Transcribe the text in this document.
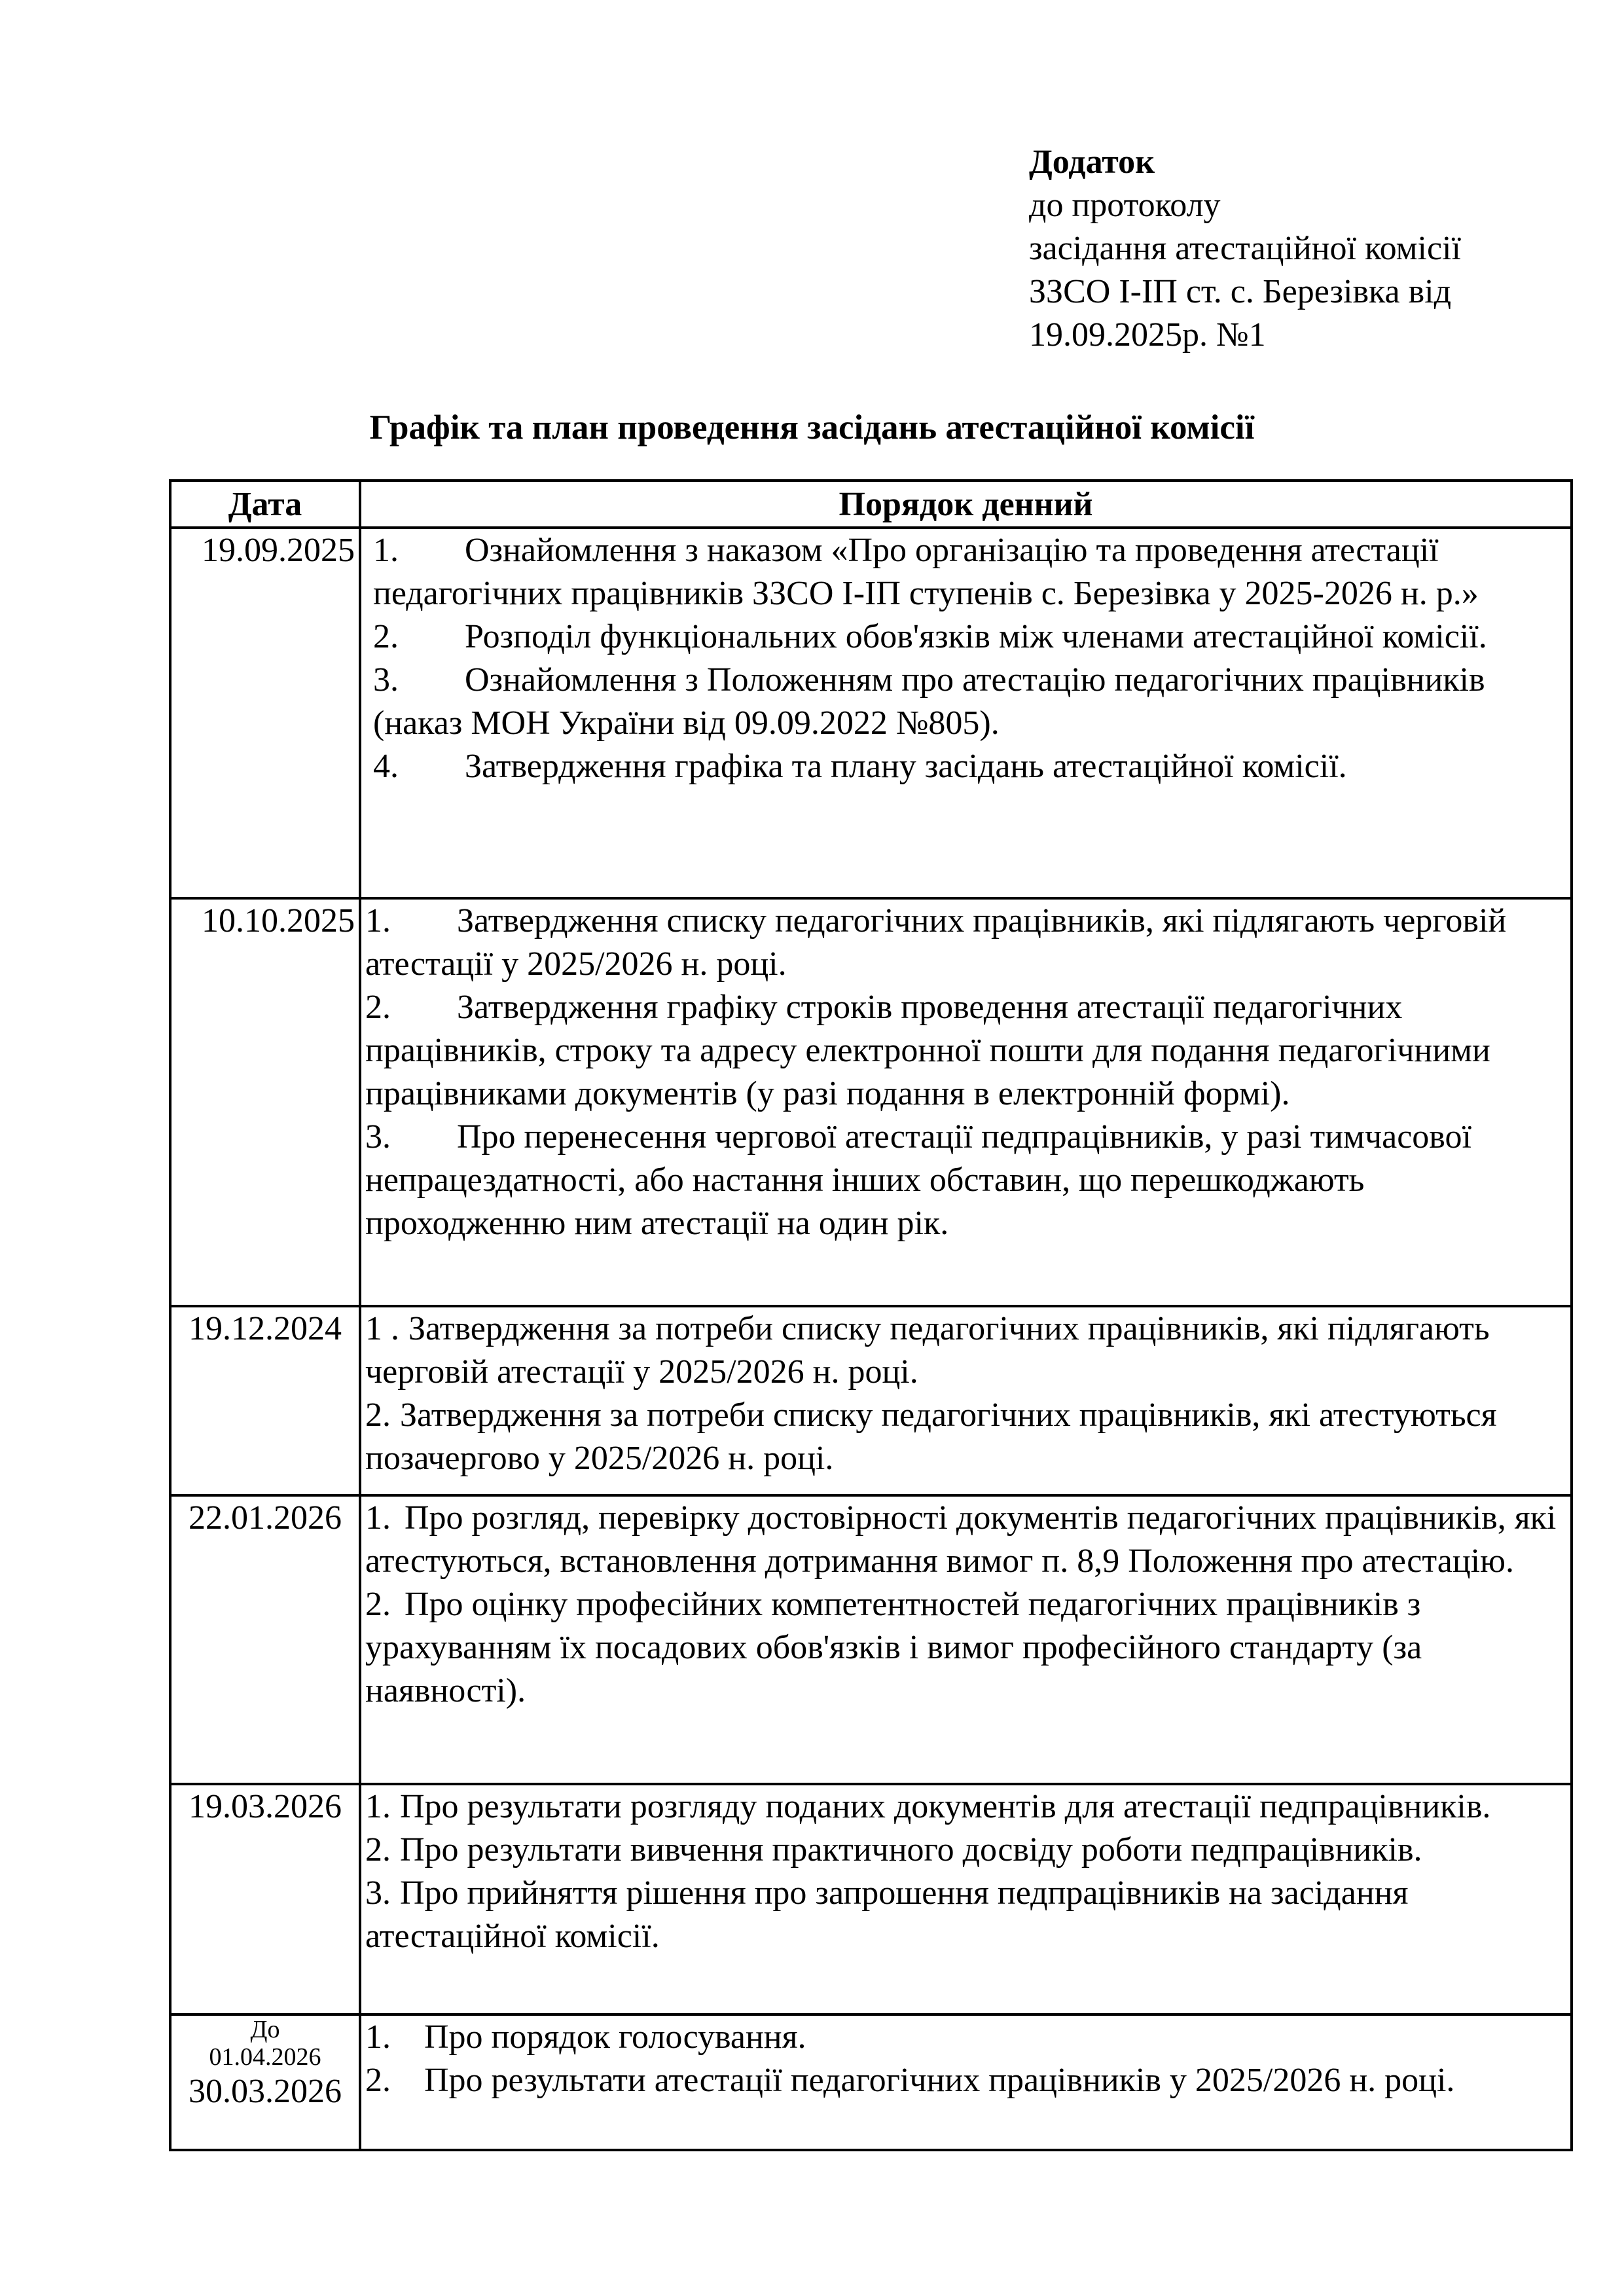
Додаток
до протоколу
засідання атестаційної комісії
ЗЗСО І-ІП ст. с. Березівка від
19.09.2025р. №1
Графік та план проведення засідань атестаційної комісії
Дата	Порядок денний
19.09.2025	1. Ознайомлення з наказом «Про організацію та проведення атестації педагогічних працівників ЗЗСО І-ІП ступенів с. Березівка у 2025-2026 н. р.»
2. Розподіл функціональних обов'язків між членами атестаційної комісії.
3. Ознайомлення з Положенням про атестацію педагогічних працівників (наказ МОН України від 09.09.2022 №805).
4. Затвердження графіка та плану засідань атестаційної комісії.

10.10.2025	1. Затвердження списку педагогічних працівників, які підлягають черговій атестації у 2025/2026 н. році.
2. Затвердження графіку строків проведення атестації педагогічних працівників, строку та адресу електронної пошти для подання педагогічними працівниками документів (у разі подання в електронній формі).
3. Про перенесення чергової атестації педпрацівників, у разі тимчасової непрацездатності, або настання інших обставин, що перешкоджають проходженню ним атестації на один рік.

19.12.2024	1 . Затвердження за потреби списку педагогічних працівників, які підлягають черговій атестації у 2025/2026 н. році.
2. Затвердження за потреби списку педагогічних працівників, які атестуються позачергово у 2025/2026 н. році.

22.01.2026	1. Про розгляд, перевірку достовірності документів педагогічних працівників, які атестуються, встановлення дотримання вимог п. 8,9 Положення про атестацію.
2. Про оцінку професійних компетентностей педагогічних працівників з урахуванням їх посадових обов'язків і вимог професійного стандарту (за наявності).

19.03.2026	1. Про результати розгляду поданих документів для атестації педпрацівників.
2. Про результати вивчення практичного досвіду роботи педпрацівників.
3. Про прийняття рішення про запрошення педпрацівників на засідання атестаційної комісії.

До
01.04.2026
30.03.2026	1. Про порядок голосування.
2. Про результати атестації педагогічних працівників у 2025/2026 н. році.
